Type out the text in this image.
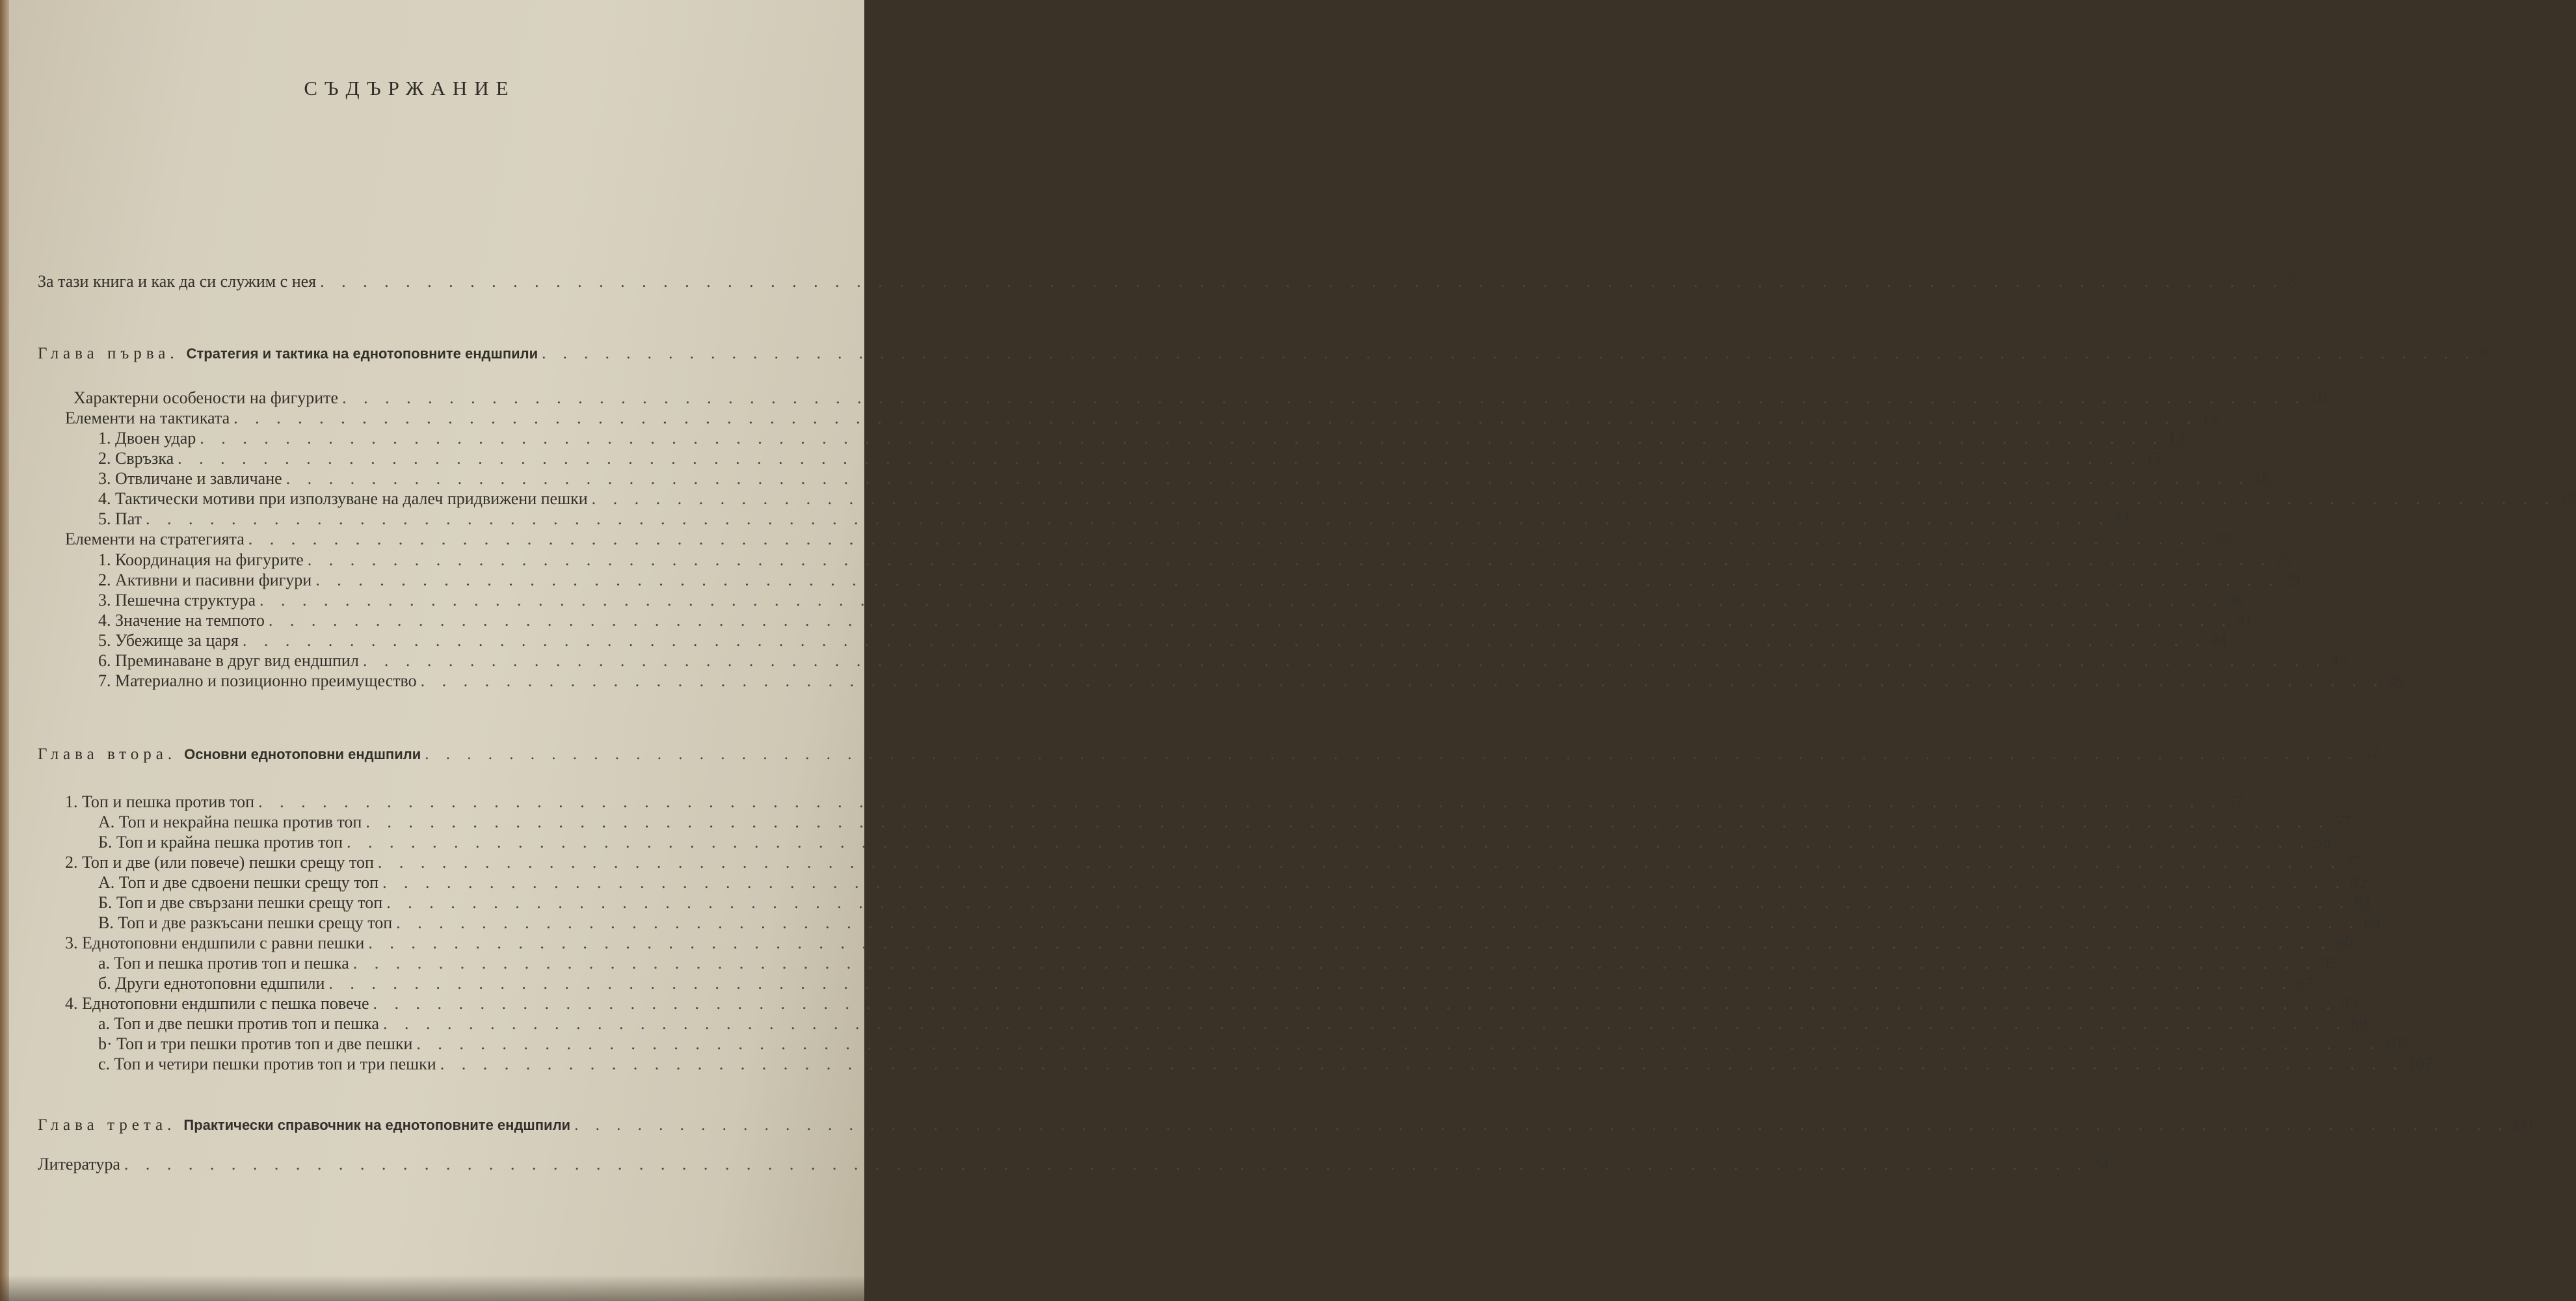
СЪДЪРЖАНИЕ
За тази книга и как да си служим с нея . . . . . . . . . . . . . . . . . . . . . . . . . . . . . . . . . . . . . . . . . . . . . . . . . . . . . . . . . . . . . . . . . . . . . . . . . . . . . . . . . . . . . . . . . . . . 3
Глава първа. Стратегия и тактика на еднотоповните ендшпили . . . . . . . . . . . . . . . . . . . . . . . . . . . . . . . . . . . . . . . . . . . . . . . . . . . . . . . . . . . . . . . . . . . . . . . . . . . . . . . . . . . . . . . . . . . . 9
Характерни особености на фигурите . . . . . . . . . . . . . . . . . . . . . . . . . . . . . . . . . . . . . . . . . . . . . . . . . . . . . . . . . . . . . . . . . . . . . . . . . . . . . . . . . . . . . . . . . . . . 10
Елементи на тактиката . . . . . . . . . . . . . . . . . . . . . . . . . . . . . . . . . . . . . . . . . . . . . . . . . . . . . . . . . . . . . . . . . . . . . . . . . . . . . . . . . . . . . . . . . . . . 13
1. Двоен удар . . . . . . . . . . . . . . . . . . . . . . . . . . . . . . . . . . . . . . . . . . . . . . . . . . . . . . . . . . . . . . . . . . . . . . . . . . . . . . . . . . . . . . . . . . . . 13
2. Свръзка . . . . . . . . . . . . . . . . . . . . . . . . . . . . . . . . . . . . . . . . . . . . . . . . . . . . . . . . . . . . . . . . . . . . . . . . . . . . . . . . . . . . . . . . . . . . 17
3. Отвличане и завличане . . . . . . . . . . . . . . . . . . . . . . . . . . . . . . . . . . . . . . . . . . . . . . . . . . . . . . . . . . . . . . . . . . . . . . . . . . . . . . . . . . . . . . . . . . . . 18
4. Тактически мотиви при използуване на далеч придвижени пешки . . . . . . . . . . . . . . . . . . . . . . . . . . . . . . . . . . . . . . . . . . . . . . . . . . . . . . . . . . . . . . . . . . . . . . . . . . . . . . . . . . . . . . . . . . . . 19
5. Пат . . . . . . . . . . . . . . . . . . . . . . . . . . . . . . . . . . . . . . . . . . . . . . . . . . . . . . . . . . . . . . . . . . . . . . . . . . . . . . . . . . . . . . . . . . . . 22
Елементи на стратегията . . . . . . . . . . . . . . . . . . . . . . . . . . . . . . . . . . . . . . . . . . . . . . . . . . . . . . . . . . . . . . . . . . . . . . . . . . . . . . . . . . . . . . . . . . . . 25
1. Координация на фигурите . . . . . . . . . . . . . . . . . . . . . . . . . . . . . . . . . . . . . . . . . . . . . . . . . . . . . . . . . . . . . . . . . . . . . . . . . . . . . . . . . . . . . . . . . . . . 25
2. Активни и пасивни фигури . . . . . . . . . . . . . . . . . . . . . . . . . . . . . . . . . . . . . . . . . . . . . . . . . . . . . . . . . . . . . . . . . . . . . . . . . . . . . . . . . . . . . . . . . . . . 29
3. Пешечна структура . . . . . . . . . . . . . . . . . . . . . . . . . . . . . . . . . . . . . . . . . . . . . . . . . . . . . . . . . . . . . . . . . . . . . . . . . . . . . . . . . . . . . . . . . . . . 36
4. Значение на темпото . . . . . . . . . . . . . . . . . . . . . . . . . . . . . . . . . . . . . . . . . . . . . . . . . . . . . . . . . . . . . . . . . . . . . . . . . . . . . . . . . . . . . . . . . . . . 41
5. Убежище за царя . . . . . . . . . . . . . . . . . . . . . . . . . . . . . . . . . . . . . . . . . . . . . . . . . . . . . . . . . . . . . . . . . . . . . . . . . . . . . . . . . . . . . . . . . . . . 44
6. Преминаване в друг вид ендшпил . . . . . . . . . . . . . . . . . . . . . . . . . . . . . . . . . . . . . . . . . . . . . . . . . . . . . . . . . . . . . . . . . . . . . . . . . . . . . . . . . . . . . . . . . . . . 45
7. Материално и позиционно преимущество . . . . . . . . . . . . . . . . . . . . . . . . . . . . . . . . . . . . . . . . . . . . . . . . . . . . . . . . . . . . . . . . . . . . . . . . . . . . . . . . . . . . . . . . . . . . 49
Глава втора. Основни еднотоповни ендшпили . . . . . . . . . . . . . . . . . . . . . . . . . . . . . . . . . . . . . . . . . . . . . . . . . . . . . . . . . . . . . . . . . . . . . . . . . . . . . . . . . . . . . . . . . . . . 57
1. Топ и пешка против топ . . . . . . . . . . . . . . . . . . . . . . . . . . . . . . . . . . . . . . . . . . . . . . . . . . . . . . . . . . . . . . . . . . . . . . . . . . . . . . . . . . . . . . . . . . . . 57
А. Топ и некрайна пешка против топ . . . . . . . . . . . . . . . . . . . . . . . . . . . . . . . . . . . . . . . . . . . . . . . . . . . . . . . . . . . . . . . . . . . . . . . . . . . . . . . . . . . . . . . . . . . . 57
Б. Топ и крайна пешка против топ . . . . . . . . . . . . . . . . . . . . . . . . . . . . . . . . . . . . . . . . . . . . . . . . . . . . . . . . . . . . . . . . . . . . . . . . . . . . . . . . . . . . . . . . . . . . 58
2. Топ и две (или повече) пешки срещу топ . . . . . . . . . . . . . . . . . . . . . . . . . . . . . . . . . . . . . . . . . . . . . . . . . . . . . . . . . . . . . . . . . . . . . . . . . . . . . . . . . . . . . . . . . . . . 77
А. Топ и две сдвоени пешки срещу топ . . . . . . . . . . . . . . . . . . . . . . . . . . . . . . . . . . . . . . . . . . . . . . . . . . . . . . . . . . . . . . . . . . . . . . . . . . . . . . . . . . . . . . . . . . . . 82
Б. Топ и две свързани пешки срещу топ . . . . . . . . . . . . . . . . . . . . . . . . . . . . . . . . . . . . . . . . . . . . . . . . . . . . . . . . . . . . . . . . . . . . . . . . . . . . . . . . . . . . . . . . . . . . 83
В. Топ и две разкъсани пешки срещу топ . . . . . . . . . . . . . . . . . . . . . . . . . . . . . . . . . . . . . . . . . . . . . . . . . . . . . . . . . . . . . . . . . . . . . . . . . . . . . . . . . . . . . . . . . . . . 84
3. Еднотоповни ендшпили с равни пешки . . . . . . . . . . . . . . . . . . . . . . . . . . . . . . . . . . . . . . . . . . . . . . . . . . . . . . . . . . . . . . . . . . . . . . . . . . . . . . . . . . . . . . . . . . . . 90
а. Топ и пешка против топ и пешка . . . . . . . . . . . . . . . . . . . . . . . . . . . . . . . . . . . . . . . . . . . . . . . . . . . . . . . . . . . . . . . . . . . . . . . . . . . . . . . . . . . . . . . . . . . . 95
б. Други еднотоповни едшпили . . . . . . . . . . . . . . . . . . . . . . . . . . . . . . . . . . . . . . . . . . . . . . . . . . . . . . . . . . . . . . . . . . . . . . . . . . . . . . . . . . . . . . . . . . . . 97
4. Еднотоповни ендшпили с пешка повече . . . . . . . . . . . . . . . . . . . . . . . . . . . . . . . . . . . . . . . . . . . . . . . . . . . . . . . . . . . . . . . . . . . . . . . . . . . . . . . . . . . . . . . . . . . . 95
a. Топ и две пешки против топ и пешка . . . . . . . . . . . . . . . . . . . . . . . . . . . . . . . . . . . . . . . . . . . . . . . . . . . . . . . . . . . . . . . . . . . . . . . . . . . . . . . . . . . . . . . . . . . . 89
b· Топ и три пешки против топ и две пешки . . . . . . . . . . . . . . . . . . . . . . . . . . . . . . . . . . . . . . . . . . . . . . . . . . . . . . . . . . . . . . . . . . . . . . . . . . . . . . . . . . . . . . . . . . . . 105
c. Топ и четири пешки против топ и три пешки . . . . . . . . . . . . . . . . . . . . . . . . . . . . . . . . . . . . . . . . . . . . . . . . . . . . . . . . . . . . . . . . . . . . . . . . . . . . . . . . . . . . . . . . . . . . 107
Глава трета. Практически справочник на еднотоповните ендшпили . . . . . . . . . . . . . . . . . . . . . . . . . . . . . . . . . . . . . . . . . . . . . . . . . . . . . . . . . . . . . . . . . . . . . . . . . . . . . . . . . . . . . . . . . . . . 111
Литература . . . . . . . . . . . . . . . . . . . . . . . . . . . . . . . . . . . . . . . . . . . . . . . . . . . . . . . . . . . . . . . . . . . . . . . . . . . . . . . . . . . . . . . . . . . . 245
